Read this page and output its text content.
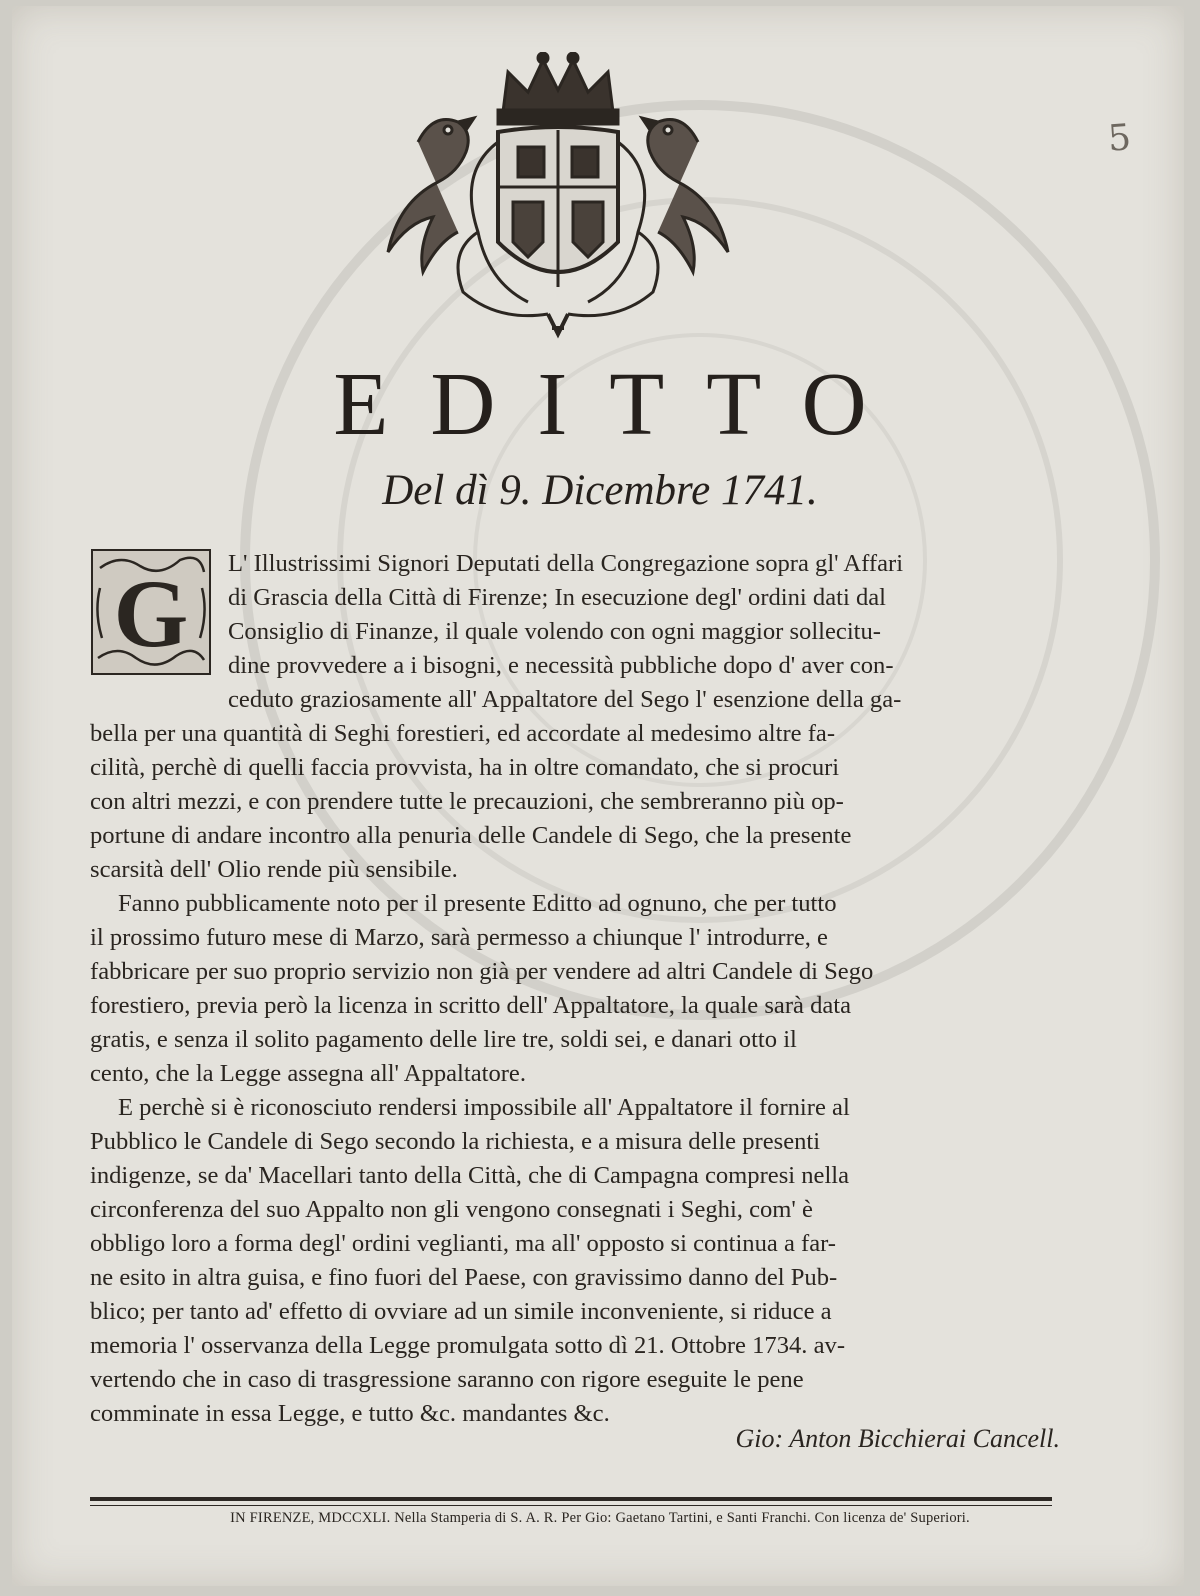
5
EDITTO
Del dì 9. Dicembre 1741.
G L' Illustrissimi Signori Deputati della Congregazione sopra gl' Affari
di Grascia della Città di Firenze; In esecuzione degl' ordini dati dal
Consiglio di Finanze, il quale volendo con ogni maggior sollecitu-
dine provvedere a i bisogni, e necessità pubbliche dopo d' aver con-
ceduto graziosamente all' Appaltatore del Sego l' esenzione della ga-
bella per una quantità di Seghi forestieri, ed accordate al medesimo altre fa-
cilità, perchè di quelli faccia provvista, ha in oltre comandato, che si procuri
con altri mezzi, e con prendere tutte le precauzioni, che sembreranno più op-
portune di andare incontro alla penuria delle Candele di Sego, che la presente
scarsità dell' Olio rende più sensibile.
Fanno pubblicamente noto per il presente Editto ad ognuno, che per tutto
il prossimo futuro mese di Marzo, sarà permesso a chiunque l' introdurre, e
fabbricare per suo proprio servizio non già per vendere ad altri Candele di Sego
forestiero, previa però la licenza in scritto dell' Appaltatore, la quale sarà data
gratis, e senza il solito pagamento delle lire tre, soldi sei, e danari otto il
cento, che la Legge assegna all' Appaltatore.
E perchè si è riconosciuto rendersi impossibile all' Appaltatore il fornire al
Pubblico le Candele di Sego secondo la richiesta, e a misura delle presenti
indigenze, se da' Macellari tanto della Città, che di Campagna compresi nella
circonferenza del suo Appalto non gli vengono consegnati i Seghi, com' è
obbligo loro a forma degl' ordini veglianti, ma all' opposto si continua a far-
ne esito in altra guisa, e fino fuori del Paese, con gravissimo danno del Pub-
blico; per tanto ad' effetto di ovviare ad un simile inconveniente, si riduce a
memoria l' osservanza della Legge promulgata sotto dì 21. Ottobre 1734. av-
vertendo che in caso di trasgressione saranno con rigore eseguite le pene
comminate in essa Legge, e tutto &c. mandantes &c.
Gio: Anton Bicchierai Cancell.
IN FIRENZE, MDCCXLI. Nella Stamperia di S. A. R. Per Gio: Gaetano Tartini, e Santi Franchi. Con licenza de' Superiori.
